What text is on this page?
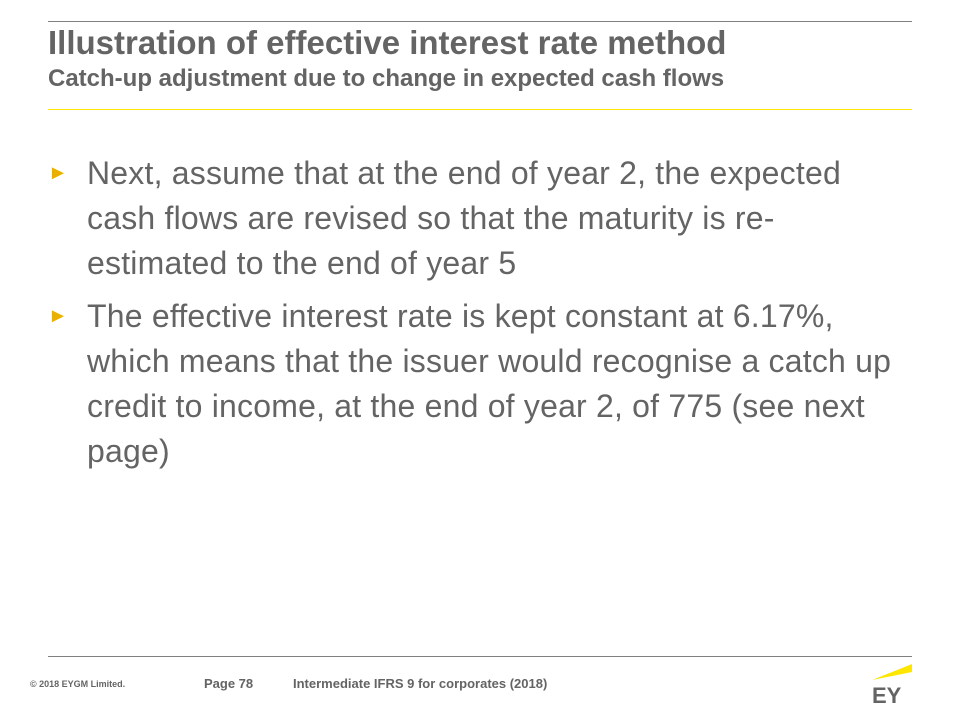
Illustration of effective interest rate method
Catch-up adjustment due to change in expected cash flows
► Next, assume that at the end of year 2, the expected cash flows are revised so that the maturity is re-estimated to the end of year 5
► The effective interest rate is kept constant at 6.17%, which means that the issuer would recognise a catch up credit to income, at the end of year 2, of 775 (see next page)
© 2018 EYGM Limited.	Page 78	Intermediate IFRS 9 for corporates (2018)	EY
